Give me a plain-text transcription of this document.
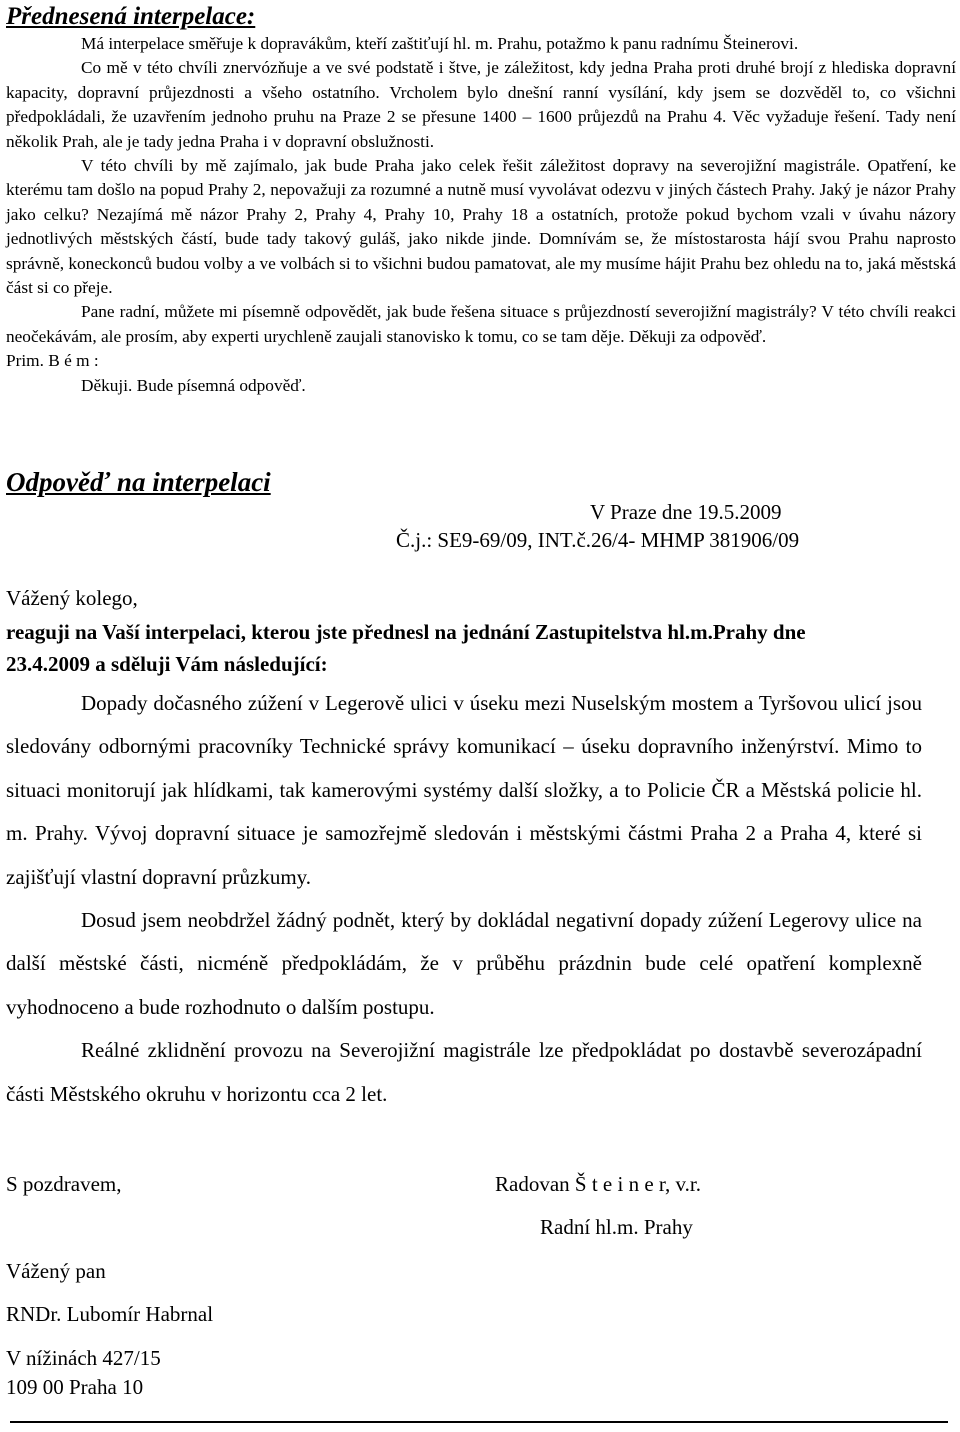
Přednesená interpelace:

Má interpelace směřuje k dopravákům, kteří zaštiťují hl. m. Prahu, potažmo k panu radnímu Šteinerovi.

Co mě v této chvíli znervózňuje a ve své podstatě i štve, je záležitost, kdy jedna Praha proti druhé brojí z hlediska dopravní kapacity, dopravní průjezdnosti a všeho ostatního. Vrcholem bylo dnešní ranní vysílání, kdy jsem se dozvěděl to, co všichni předpokládali, že uzavřením jednoho pruhu na Praze 2 se přesune 1400 – 1600 průjezdů na Prahu 4. Věc vyžaduje řešení. Tady není několik Prah, ale je tady jedna Praha i v dopravní obslužnosti.

V této chvíli by mě zajímalo, jak bude Praha jako celek řešit záležitost dopravy na severojižní magistrále. Opatření, ke kterému tam došlo na popud Prahy 2, nepovažuji za rozumné a nutně musí vyvolávat odezvu v jiných částech Prahy. Jaký je názor Prahy jako celku? Nezajímá mě názor Prahy 2, Prahy 4, Prahy 10, Prahy 18 a ostatních, protože pokud bychom vzali v úvahu názory jednotlivých městských částí, bude tady takový guláš, jako nikde jinde. Domnívám se, že místostarosta hájí svou Prahu naprosto správně, koneckonců budou volby a ve volbách si to všichni budou pamatovat, ale my musíme hájit Prahu bez ohledu na to, jaká městská část si co přeje.

Pane radní, můžete mi písemně odpovědět, jak bude řešena situace s průjezdností severojižní magistrály? V této chvíli reakci neočekávám, ale prosím, aby experti urychleně zaujali stanovisko k tomu, co se tam děje. Děkuji za odpověď.

Prim. B é m :

Děkuji. Bude písemná odpověď.

Odpověď na interpelaci
V Praze dne 19.5.2009
Č.j.: SE9-69/09, INT.č.26/4- MHMP 381906/09
Vážený kolego,
reaguji na Vaší interpelaci, kterou jste přednesl na jednání Zastupitelstva hl.m.Prahy dne 23.4.2009 a sděluji Vám následující:

Dopady dočasného zúžení v Legerově ulici v úseku mezi Nuselským mostem a Tyršovou ulicí jsou sledovány odbornými pracovníky Technické správy komunikací – úseku dopravního inženýrství. Mimo to situaci monitorují jak hlídkami, tak kamerovými systémy další složky, a to Policie ČR a Městská policie hl. m. Prahy. Vývoj dopravní situace je samozřejmě sledován i městskými částmi Praha 2 a Praha 4, které si zajišťují vlastní dopravní průzkumy.

Dosud jsem neobdržel žádný podnět, který by dokládal negativní dopady zúžení Legerovy ulice na další městské části, nicméně předpokládám, že v průběhu prázdnin bude celé opatření komplexně vyhodnoceno a bude rozhodnuto o dalším postupu.

Reálné zklidnění provozu na Severojižní magistrále lze předpokládat po dostavbě severozápadní části Městského okruhu v horizontu cca 2 let.

S pozdravem,	Radovan Š t e i n e r, v.r.
Radní hl.m. Prahy
Vážený pan
RNDr. Lubomír Habrnal
V nížinách 427/15
109 00 Praha 10
